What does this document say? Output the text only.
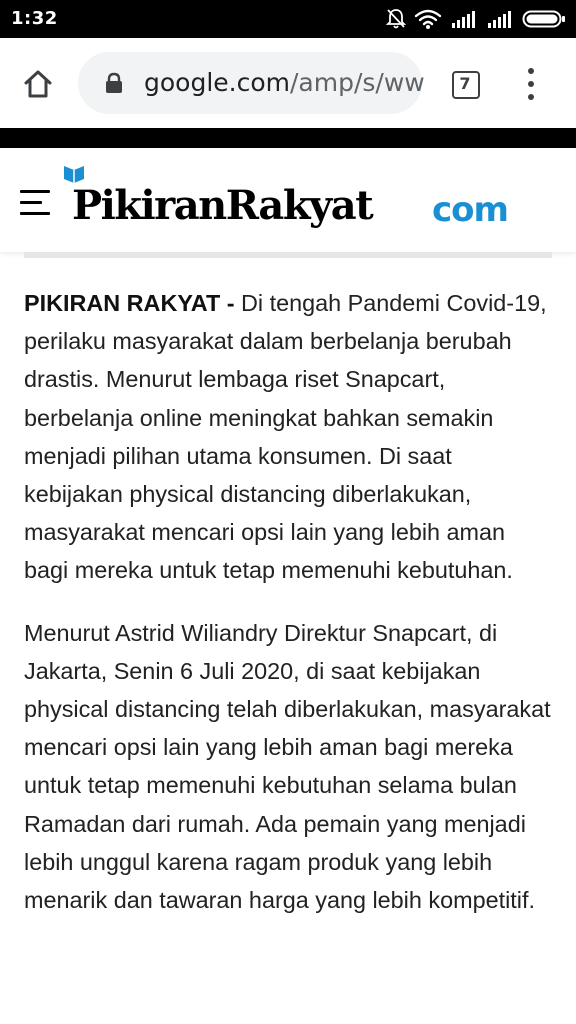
1:32
google.com/amp/s/ww	7
PikiranRakyat com

PIKIRAN RAKYAT - Di tengah Pandemi Covid-19, perilaku masyarakat dalam berbelanja berubah drastis. Menurut lembaga riset Snapcart, berbelanja online meningkat bahkan semakin menjadi pilihan utama konsumen. Di saat kebijakan physical distancing diberlakukan, masyarakat mencari opsi lain yang lebih aman bagi mereka untuk tetap memenuhi kebutuhan.

Menurut Astrid Wiliandry Direktur Snapcart, di Jakarta, Senin 6 Juli 2020, di saat kebijakan physical distancing telah diberlakukan, masyarakat mencari opsi lain yang lebih aman bagi mereka untuk tetap memenuhi kebutuhan selama bulan Ramadan dari rumah. Ada pemain yang menjadi lebih unggul karena ragam produk yang lebih menarik dan tawaran harga yang lebih kompetitif.
